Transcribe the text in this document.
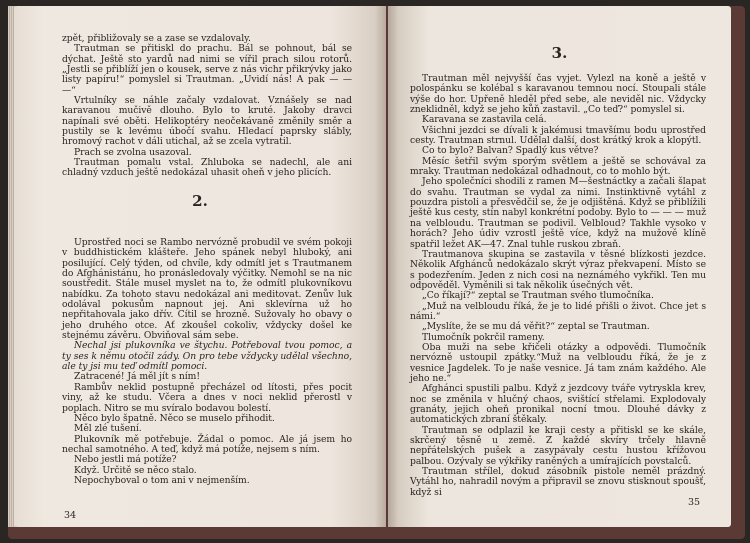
zpět, přibližovaly se a zase se vzdalovaly.

Trautman se přitiskl do prachu. Bál se pohnout, bál se dýchat. Ještě sto yardů nad nimi se vířil prach silou rotorů. „Jestli se přiblíží jen o kousek, serve z nás vichr přikrývky jako listy papíru!“ pomyslel si Trautman. „Uvidí nás! A pak — — —“

Vrtulníky se náhle začaly vzdalovat. Vznášely se nad karavanou mučivě dlouho. Bylo to kruté. Jakoby dravci napínali své oběti. Helikoptéry neočekávaně změnily směr a pustily se k levému úbočí svahu. Hledací paprsky slábly, hromový rachot v dáli utichal, až se zcela vytratil.

Prach se zvolna usazoval.

Trautman pomalu vstal. Zhluboka se nadechl, ale ani chladný vzduch ještě nedokázal uhasit oheň v jeho plicích.

2.

Uprostřed noci se Rambo nervózně probudil ve svém pokoji v buddhistickém klášteře. Jeho spánek nebyl hluboký, ani posilující. Celý týden, od chvíle, kdy odmítl jet s Trautmanem do Afghánistánu, ho pronásledovaly výčitky. Nemohl se na nic soustředit. Stále musel myslet na to, že odmítl plukovníkovu nabídku. Za tohoto stavu nedokázal ani meditovat. Zenův luk odolával pokusům napnout jej. Ani sklevírna už ho nepřitahovala jako dřív. Cítil se hrozně. Sužovaly ho obavy o jeho druhého otce. Ať zkoušel cokoliv, vždycky došel ke stejnému závěru. Obviňoval sám sebe.

Nechal jsi plukovníka ve štychu. Potřeboval tvou pomoc, a ty ses k němu otočil zády. On pro tebe vždycky udělal všechno, ale ty jsi mu teď odmítl pomoci.

Zatracené! Já měl jít s ním!

Rambův neklid postupně přecházel od lítosti, přes pocit viny, až ke studu. Včera a dnes v noci neklid přerostl v poplach. Nitro se mu svíralo bodavou bolestí.

Něco bylo špatně. Něco se muselo přihodit.

Měl zlé tušení.

Plukovník mě potřebuje. Žádal o pomoc. Ale já jsem ho nechal samotného. A teď, když má potíže, nejsem s ním.

Nebo jestli má potíže?

Když. Určitě se něco stalo.

Nepochyboval o tom ani v nejmenším.

34
3.

Trautman měl nejvyšší čas vyjet. Vylezl na koně a ještě v polospánku se kolébal s karavanou temnou nocí. Stoupali stále výše do hor. Upřeně hleděl před sebe, ale neviděl nic. Vždycky zneklidněl, když se jeho kůň zastavil. „Co teď?“ pomyslel si.

Karavana se zastavila celá.

Všichni jezdci se dívali k jakémusi tmavšímu bodu uprostřed cesty. Trautman strnul. Udělal další, dost krátký krok a klopýtl.

Co to bylo? Balvan? Spadlý kus větve?

Měsíc šetřil svým sporým světlem a ještě se schovával za mraky. Trautman nedokázal odhadnout, co to mohlo být.

Jeho společníci shodili z ramen M—šestnáctky a začali šlapat do svahu. Trautman se vydal za nimi. Instinktivně vytáhl z pouzdra pistoli a přesvědčil se, že je odjištěná. Když se přiblížili ještě kus cesty, stín nabyl konkrétní podoby. Bylo to — — — muž na velbloudu. Trautman se podivil. Velbloud? Takhle vysoko v horách? Jeho údiv vzrostl ještě více, když na mužově klíně spatřil ležet AK—47. Znal tuhle ruskou zbraň.

Trautmanova skupina se zastavila v těsné blízkosti jezdce. Několik Afghánců nedokázalo skrýt výraz překvapení. Místo se s podezřením. Jeden z nich cosi na neznámého vykřikl. Ten mu odpověděl. Vyměnili si tak několik úsečných vět.

„Co říkají?“ zeptal se Trautman svého tlumočníka.

„Muž na velbloudu říká, že je to lidé přišli o život. Chce jet s námi.“

„Myslíte, že se mu dá věřit?“ zeptal se Trautman.

Tlumočník pokrčil rameny.

Oba muži na sebe křičeli otázky a odpovědi. Tlumočník nervózně ustoupil zpátky.“Muž na velbloudu říká, že je z vesnice Jagdelek. To je naše vesnice. Já tam znám každého. Ale jeho ne.“

Afghánci spustili palbu. Když z jezdcovy tváře vytryskla krev, noc se změnila v hlučný chaos, svištící střelami. Explodovaly granáty, jejich oheň pronikal nocní tmou. Dlouhé dávky z automatických zbraní štěkaly.

Trautman se odplazil ke kraji cesty a přitiskl se ke skále, skrčený těsně u země. Z každé skvíry trčely hlavně nepřátelských pušek a zasypávaly cestu hustou křížovou palbou. Ozývaly se výkřiky raněných a umírajících povstalců.

Trautman střílel, dokud zásobník pistole neměl prázdný. Vytáhl ho, nahradil novým a připravil se znovu stisknout spoušť, když si

35
